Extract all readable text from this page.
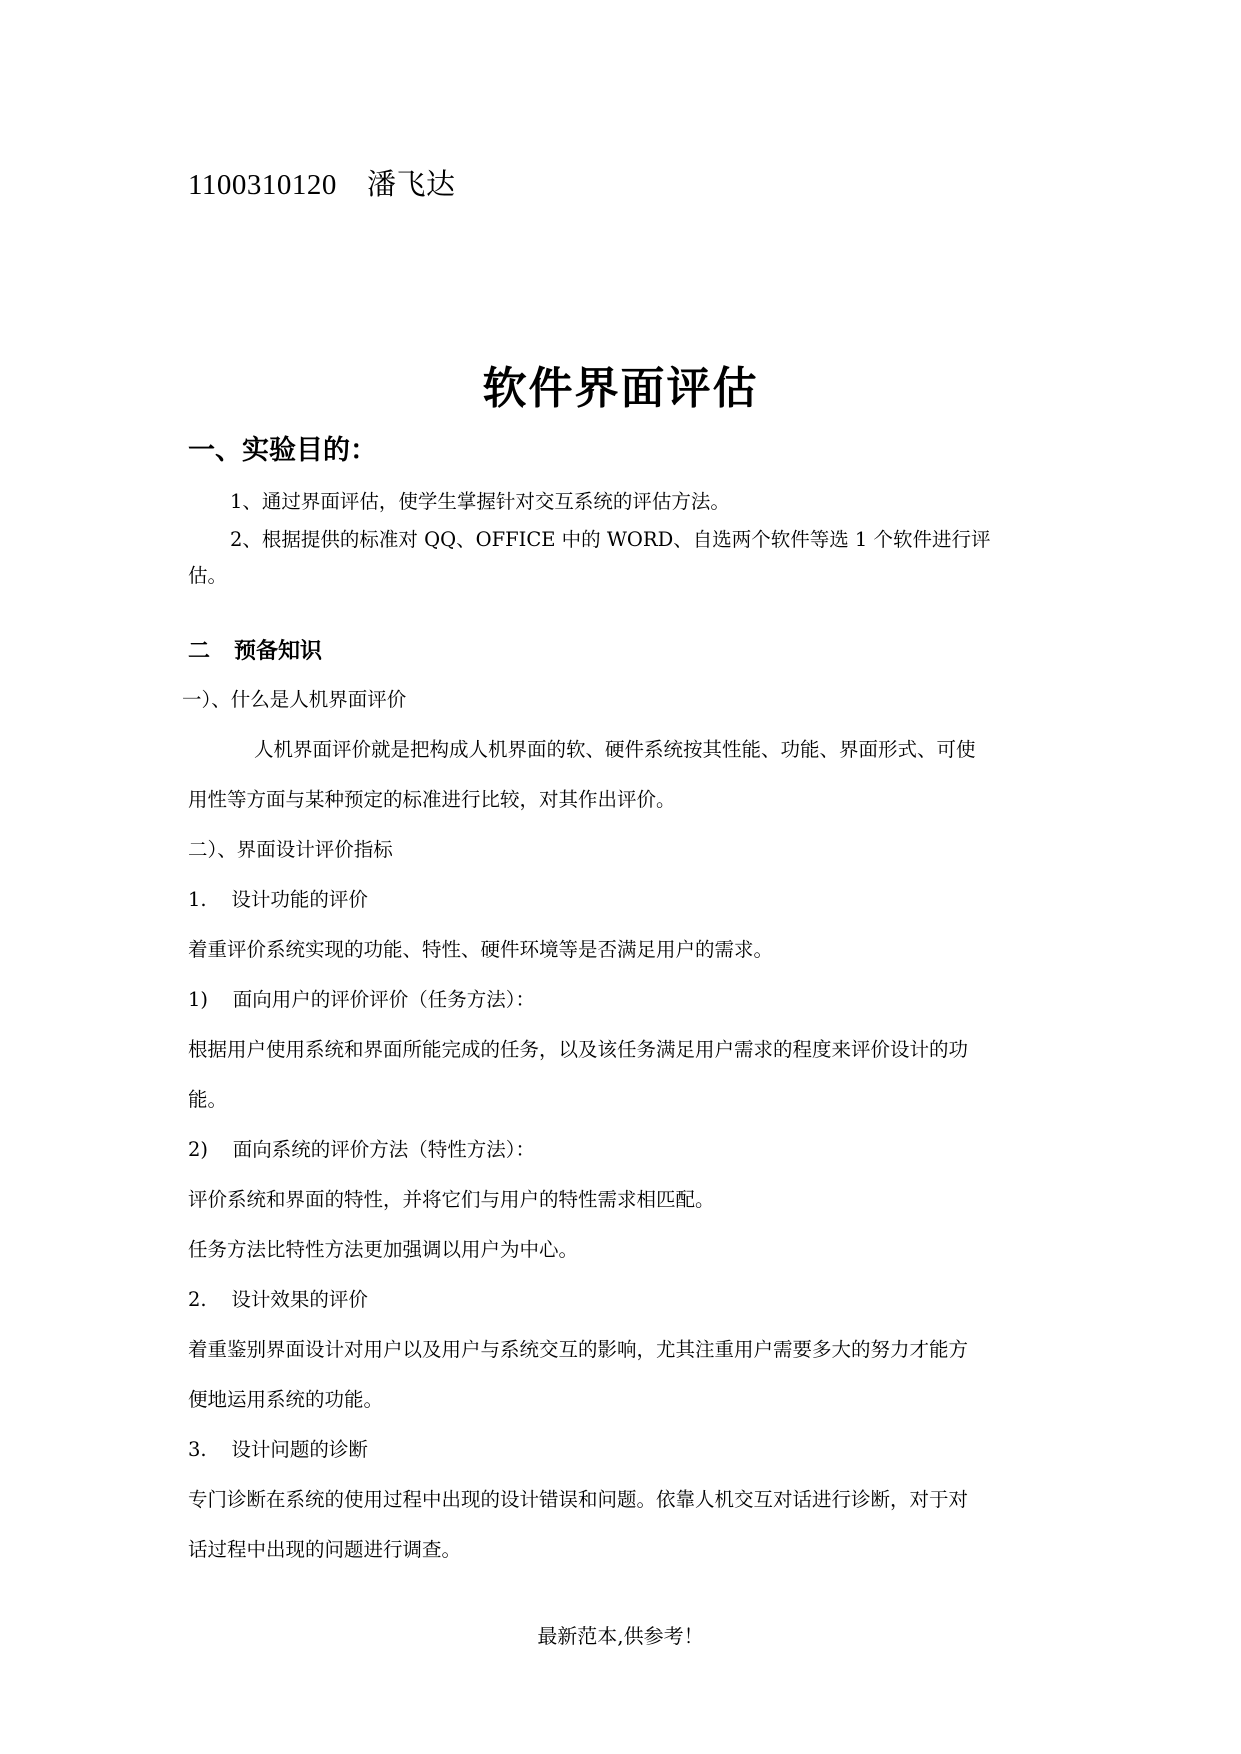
1100310120 潘飞达
软件界面评估
一、实验目的：
1、通过界面评估，使学生掌握针对交互系统的评估方法。
2、根据提供的标准对 QQ、OFFICE 中的 WORD、自选两个软件等选 1 个软件进行评
估。
二 预备知识
一）、什么是人机界面评价
人机界面评价就是把构成人机界面的软、硬件系统按其性能、功能、界面形式、可使
用性等方面与某种预定的标准进行比较，对其作出评价。
二）、界面设计评价指标
1.    设计功能的评价
着重评价系统实现的功能、特性、硬件环境等是否满足用户的需求。
1)    面向用户的评价评价（任务方法）：
根据用户使用系统和界面所能完成的任务，以及该任务满足用户需求的程度来评价设计的功
能。
2)    面向系统的评价方法（特性方法）：
评价系统和界面的特性，并将它们与用户的特性需求相匹配。
任务方法比特性方法更加强调以用户为中心。
2.    设计效果的评价
着重鉴别界面设计对用户以及用户与系统交互的影响，尤其注重用户需要多大的努力才能方
便地运用系统的功能。
3.    设计问题的诊断
专门诊断在系统的使用过程中出现的设计错误和问题。依靠人机交互对话进行诊断，对于对
话过程中出现的问题进行调查。
最新范本,供参考！
